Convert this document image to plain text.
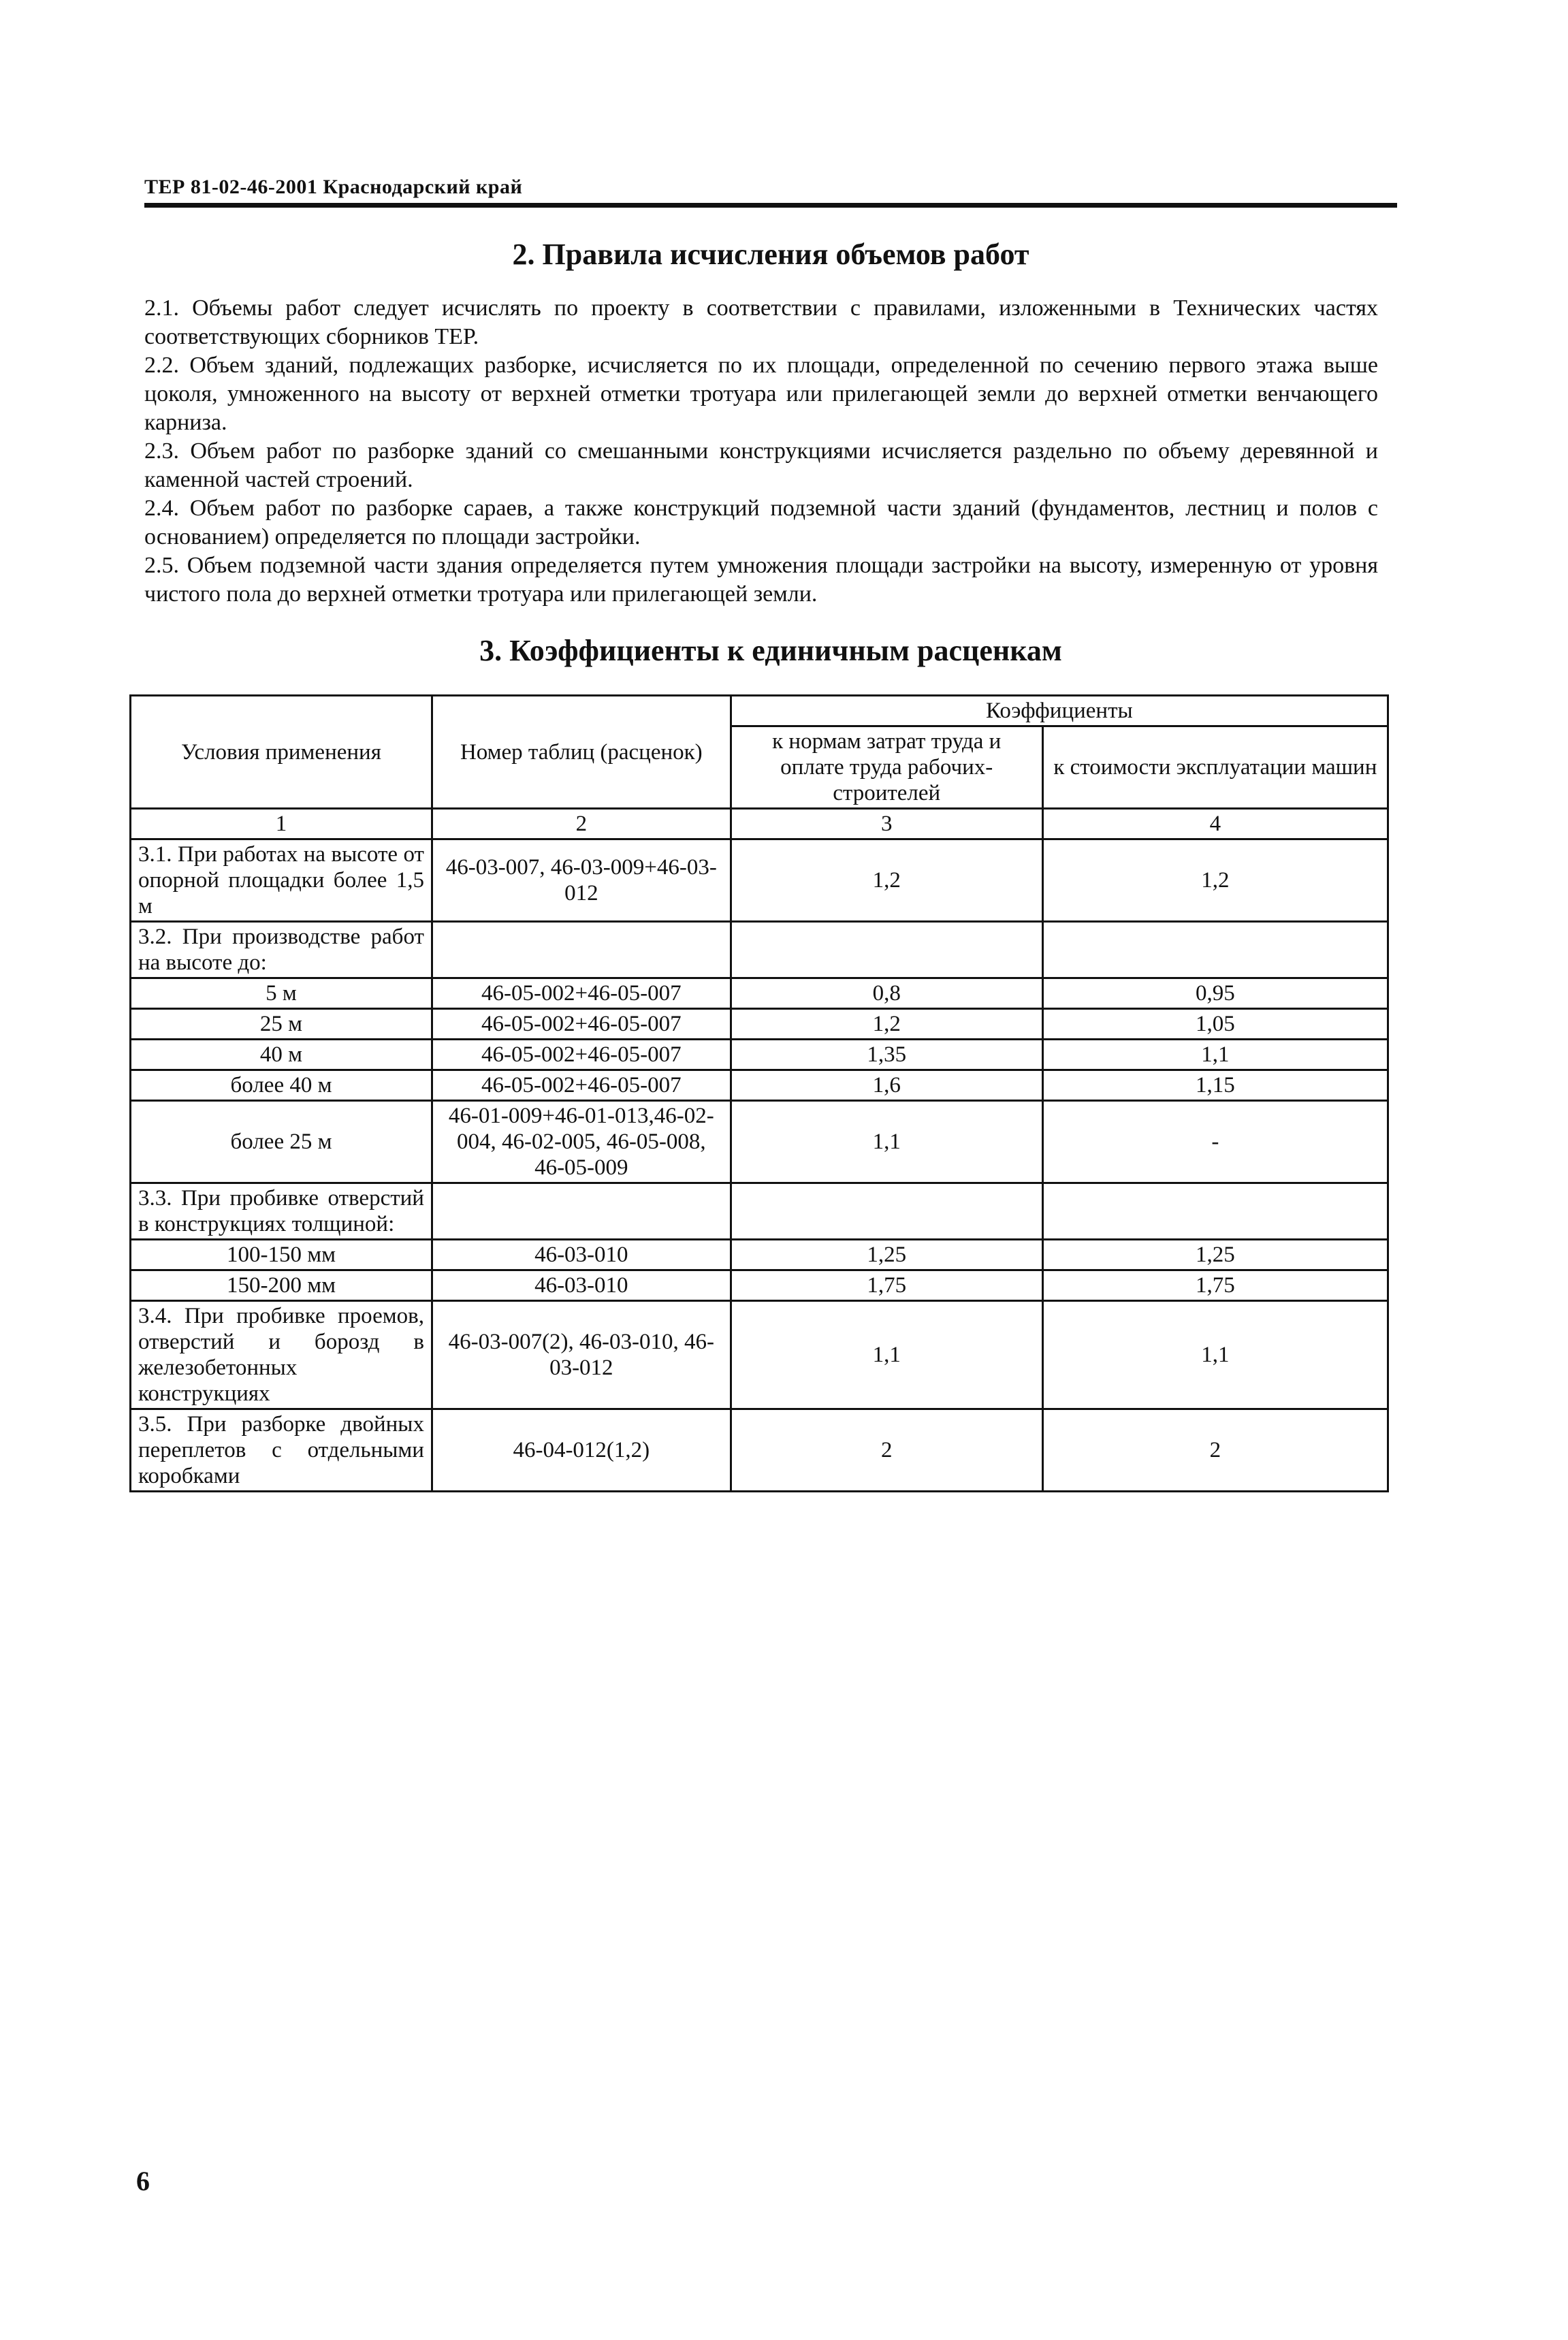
ТЕР 81-02-46-2001 Краснодарский край
2. Правила исчисления объемов работ

2.1. Объемы работ следует исчислять по проекту в соответствии с правилами, изложенными в Технических частях соответствующих сборников ТЕР.

2.2. Объем зданий, подлежащих разборке, исчисляется по их площади, определенной по сечению первого этажа выше цоколя, умноженного на высоту от верхней отметки тротуара или прилегающей земли до верхней отметки венчающего карниза.

2.3. Объем работ по разборке зданий со смешанными конструкциями исчисляется раздельно по объему деревянной и каменной частей строений.

2.4. Объем работ по разборке сараев, а также конструкций подземной части зданий (фундаментов, лестниц и полов с основанием) определяется по площади застройки.

2.5. Объем подземной части здания определяется путем умножения площади застройки на высоту, измеренную от уровня чистого пола до верхней отметки тротуара или прилегающей земли.

3. Коэффициенты к единичным расценкам
Условия применения	Номер таблиц (расценок)	Коэффициенты	
		к нормам затрат труда и оплате труда рабочих-строителей	к стоимости эксплуатации машин
1	2	3	4
3.1. При работах на высоте от опорной площадки более 1,5 м	46-03-007, 46-03-009+46-03-012	1,2	1,2
3.2. При производстве работ на высоте до:			
5 м	46-05-002+46-05-007	0,8	0,95
25 м	46-05-002+46-05-007	1,2	1,05
40 м	46-05-002+46-05-007	1,35	1,1
более 40 м	46-05-002+46-05-007	1,6	1,15
более 25 м	46-01-009+46-01-013,46-02-004, 46-02-005, 46-05-008, 46-05-009	1,1	-
3.3. При пробивке отверстий в конструкциях толщиной:			
100-150 мм	46-03-010	1,25	1,25
150-200 мм	46-03-010	1,75	1,75
3.4. При пробивке проемов, отверстий и борозд в железобетонных конструкциях	46-03-007(2), 46-03-010, 46-03-012	1,1	1,1
3.5. При разборке двойных переплетов с отдельными коробками	46-04-012(1,2)	2	2
6
